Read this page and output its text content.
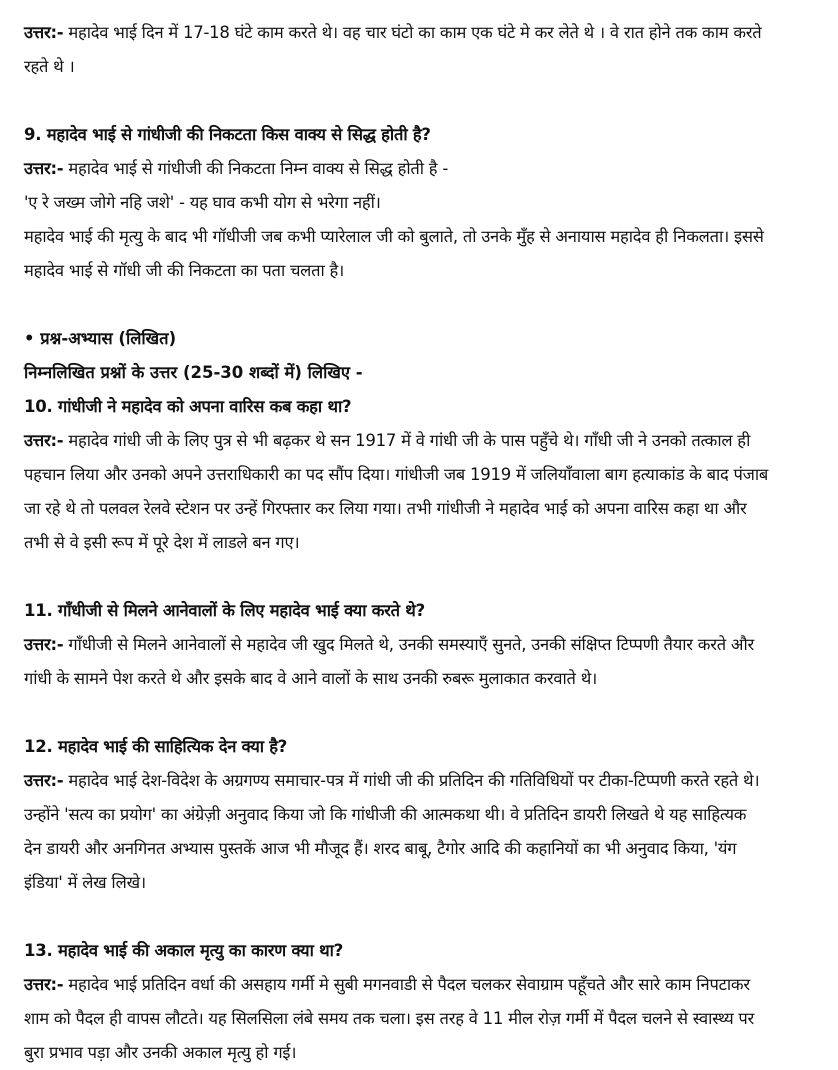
उत्तर:- महादेव भाई दिन में 17-18 घंटे काम करते थे। वह चार घंटो का काम एक घंटे मे कर लेते थे । वे रात होने तक काम करते
रहते थे ।
9. महादेव भाई से गांधीजी की निकटता किस वाक्य से सिद्ध होती है?
उत्तर:- महादेव भाई से गांधीजी की निकटता निम्न वाक्य से सिद्ध होती है -
'ए रे जख्म जोगे नहि जशे' - यह घाव कभी योग से भरेगा नहीं।
महादेव भाई की मृत्यु के बाद भी गॉधीजी जब कभी प्यारेलाल जी को बुलाते, तो उनके मुँह से अनायास महादेव ही निकलता। इससे
महादेव भाई से गॉधी जी की निकटता का पता चलता है।
• प्रश्न-अभ्यास (लिखित)
निम्नलिखित प्रश्नों के उत्तर (25-30 शब्दों में) लिखिए -
10. गांधीजी ने महादेव को अपना वारिस कब कहा था?
उत्तर:- महादेव गांधी जी के लिए पुत्र से भी बढ़कर थे सन 1917 में वे गांधी जी के पास पहुँचे थे। गाँधी जी ने उनको तत्काल ही
पहचान लिया और उनको अपने उत्तराधिकारी का पद सौंप दिया। गांधीजी जब 1919 में जलियाँवाला बाग हत्याकांड के बाद पंजाब
जा रहे थे तो पलवल रेलवे स्टेशन पर उन्हें गिरफ्तार कर लिया गया। तभी गांधीजी ने महादेव भाई को अपना वारिस कहा था और
तभी से वे इसी रूप में पूरे देश में लाडले बन गए।
11. गाँधीजी से मिलने आनेवालों के लिए महादेव भाई क्या करते थे?
उत्तर:- गाँधीजी से मिलने आनेवालों से महादेव जी खुद मिलते थे, उनकी समस्याएँ सुनते, उनकी संक्षिप्त टिप्पणी तैयार करते और
गांधी के सामने पेश करते थे और इसके बाद वे आने वालों के साथ उनकी रुबरू मुलाकात करवाते थे।
12. महादेव भाई की साहित्यिक देन क्या है?
उत्तर:- महादेव भाई देश-विदेश के अग्रगण्य समाचार-पत्र में गांधी जी की प्रतिदिन की गतिविधियों पर टीका-टिप्पणी करते रहते थे।
उन्होंने 'सत्य का प्रयोग' का अंग्रेज़ी अनुवाद किया जो कि गांधीजी की आत्मकथा थी। वे प्रतिदिन डायरी लिखते थे यह साहित्यक
देन डायरी और अनगिनत अभ्यास पुस्तकें आज भी मौजूद हैं। शरद बाबू, टैगोर आदि की कहानियों का भी अनुवाद किया, 'यंग
इंडिया' में लेख लिखे।
13. महादेव भाई की अकाल मृत्यु का कारण क्या था?
उत्तर:- महादेव भाई प्रतिदिन वर्धा की असहाय गर्मी मे सुबी मगनवाडी से पैदल चलकर सेवाग्राम पहूँचते और सारे काम निपटाकर
शाम को पैदल ही वापस लौटते। यह सिलसिला लंबे समय तक चला। इस तरह वे 11 मील रोज़ गर्मी में पैदल चलने से स्वास्थ्य पर
बुरा प्रभाव पड़ा और उनकी अकाल मृत्यु हो गई।
